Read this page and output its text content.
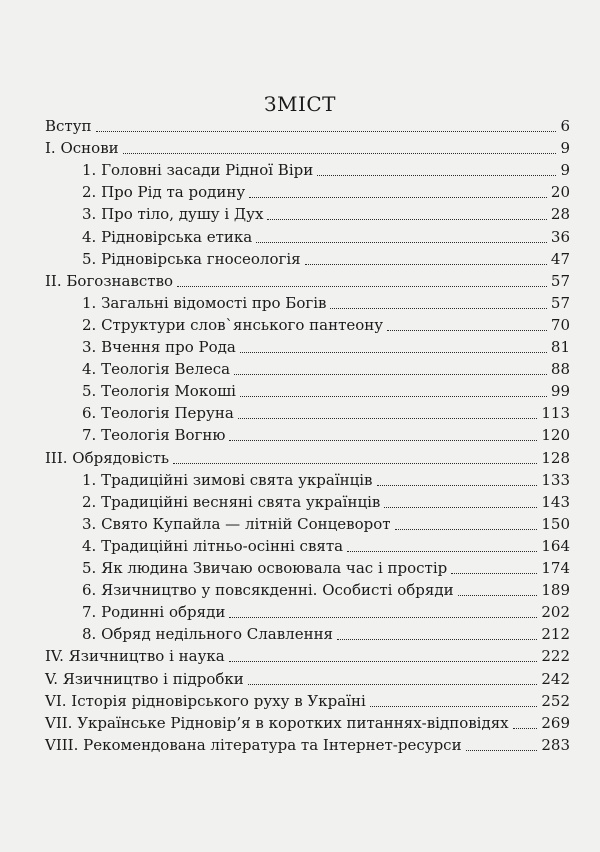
ЗМІСТ
Вступ	6
І. Основи	9
1. Головні засади Рідної Віри	9
2. Про Рід та родину	20
3. Про тіло, душу і Дух	28
4. Рідновірська етика	36
5. Рідновірська гносеологія	47
ІІ. Богознавство	57
1. Загальні відомості про Богів	57
2. Структури слов`янського пантеону	70
3. Вчення про Рода	81
4. Теологія Велеса	88
5. Теологія Мокоші	99
6. Теологія Перуна	113
7. Теологія Вогню	120
ІІІ. Обрядовість	128
1. Традиційні зимові свята українців	133
2. Традиційні весняні свята українців	143
3. Свято Купайла — літній Сонцеворот	150
4. Традиційні літньо-осінні свята	164
5. Як людина Звичаю освоювала час і простір	174
6. Язичництво у повсякденні. Особисті обряди	189
7. Родинні обряди	202
8. Обряд недільного Славлення	212
IV. Язичництво і наука	222
V. Язичництво і підробки	242
VI. Історія рідновірського руху в Україні	252
VII. Українське Рідновір’я в коротких питаннях-відповідях 269
VIII. Рекомендована література та Інтернет-ресурси	283
